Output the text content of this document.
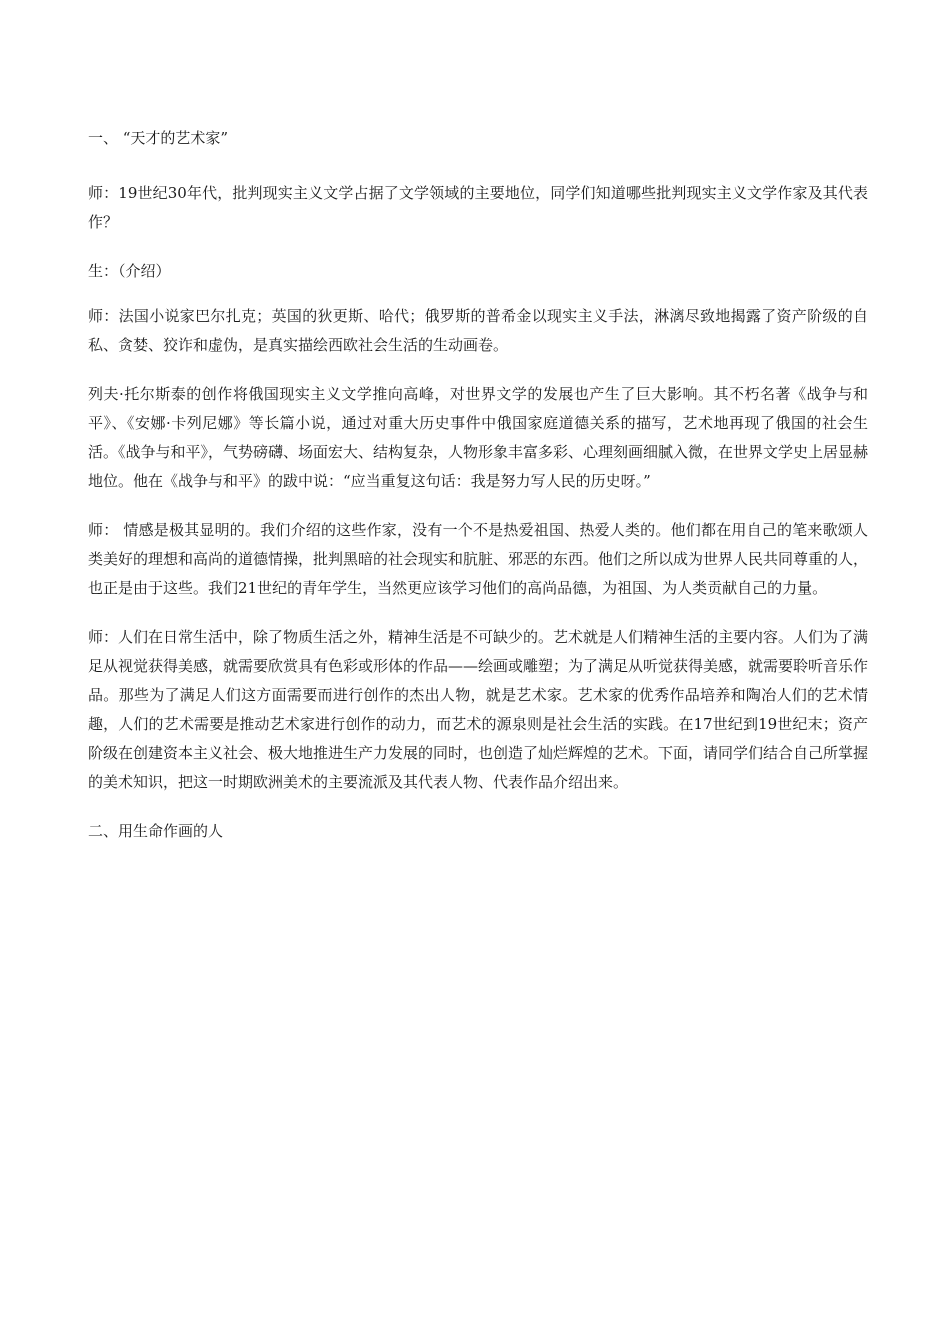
一、 “天才的艺术家”

师：19世纪30年代，批判现实主义文学占据了文学领域的主要地位，同学们知道哪些批判现实主义文学作家及其代表作？

生：（介绍）

师：法国小说家巴尔扎克；英国的狄更斯、哈代；俄罗斯的普希金以现实主义手法，淋漓尽致地揭露了资产阶级的自私、贪婪、狡诈和虚伪，是真实描绘西欧社会生活的生动画卷。

列夫·托尔斯泰的创作将俄国现实主义文学推向高峰，对世界文学的发展也产生了巨大影响。其不朽名著《战争与和平》、《安娜·卡列尼娜》等长篇小说，通过对重大历史事件中俄国家庭道德关系的描写，艺术地再现了俄国的社会生活。《战争与和平》，气势磅礴、场面宏大、结构复杂，人物形象丰富多彩、心理刻画细腻入微，在世界文学史上居显赫地位。他在《战争与和平》的跋中说：“应当重复这句话：我是努力写人民的历史呀。”

师： 情感是极其显明的。我们介绍的这些作家，没有一个不是热爱祖国、热爱人类的。他们都在用自己的笔来歌颂人类美好的理想和高尚的道德情操，批判黑暗的社会现实和肮脏、邪恶的东西。他们之所以成为世界人民共同尊重的人，也正是由于这些。我们21世纪的青年学生，当然更应该学习他们的高尚品德，为祖国、为人类贡献自己的力量。

师：人们在日常生活中，除了物质生活之外，精神生活是不可缺少的。艺术就是人们精神生活的主要内容。人们为了满足从视觉获得美感，就需要欣赏具有色彩或形体的作品——绘画或雕塑；为了满足从听觉获得美感，就需要聆听音乐作品。那些为了满足人们这方面需要而进行创作的杰出人物，就是艺术家。艺术家的优秀作品培养和陶冶人们的艺术情趣，人们的艺术需要是推动艺术家进行创作的动力，而艺术的源泉则是社会生活的实践。在17世纪到19世纪末；资产阶级在创建资本主义社会、极大地推进生产力发展的同时，也创造了灿烂辉煌的艺术。下面，请同学们结合自己所掌握的美术知识，把这一时期欧洲美术的主要流派及其代表人物、代表作品介绍出来。

二、用生命作画的人
